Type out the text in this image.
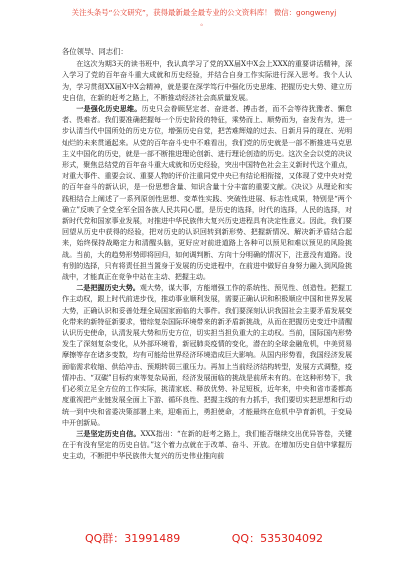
关注头条号“公文研究”，获得最新最全最专业的公文资料库！ 微信：gongwenyj
。
各位领导、同志们：

在这次为期3天的读书班中，我认真学习了党的XX届X中X会上XXX的重要讲话精神，深入学习了党的百年奋斗重大成就和历史经验，并结合自身工作实际进行深入思考。我个人认为，学习贯彻XX届X中X会精神，就是要在深学笃行中强化历史思维、把握历史大势、建立历史自信，在新的赶考之路上，不断推动经济社会高质量发展。

一是强化历史思维。历史只会眷顾坚定者、奋进者、搏击者，而不会等待犹豫者、懈怠者、畏难者。我们要准确把握每一个历史阶段的特征，乘势而上、顺势而为，奋发有为，进一步认清当代中国所处的历史方位，增强历史自觉，把苦难辉煌的过去、日新月异的现在、光明灿烂的未来贯通起来。从党的百年奋斗史中不难看出，我们党的历史就是一部不断推进马克思主义中国化的历史，就是一部不断推进理论创新、进行理论创造的历史。这次全会以党的决议形式，聚焦总结党的百年奋斗重大成就和历史经验，突出中国特色社会主义新时代这个重点，对重大事件、重要会议、重要人物的评价注重同党中央已有结论相衔接，又体现了党中央对党的百年奋斗的新认识，是一份思想含量、知识含量十分丰富的重要文献。《决议》从理论和实践相结合上阐述了一系列原创性思想、变革性实践、突破性进展、标志性成果，特别是“两个确立”反映了全党全军全国各族人民共同心愿，是历史的选择，时代的选择，人民的选择，对新时代党和国家事业发展，对推进中华民族伟大复兴历史进程具有决定性意义。因此，我们要回望从历史中获得的经验，把对历史的认识回转到新形势、把握新情况、解决新矛盾结合起来，始终保持战略定力和清醒头脑，更好应对前进道路上各种可以预见和难以预见的风险挑战。当前，大的趋势形势即将回归，如何调判断、方向十分明确的情况下，注意没有道路。没有别的选择，只有将责任担当置身于发展的历史进程中，在前进中做好自身努力融入到风险挑战中，才能真正在竞争中站在主动、把握主动。

二是把握历史大势。观大势，谋大事，方能增强工作的系统性、预见性、创造性。把握工作主动权，跟上时代前进步伐，推动事业顺利发展，需要正确认识和积极顺应中国和世界发展大势，正确认识和妥善处理全局国家面临的大事件。我们要深刻认识我国社会主要矛盾发展变化带来的新特征新要求，错综复杂国际环境带来的新矛盾新挑战，从而在把握历史变迁中清醒认识历史使命，认清发展大势和历史方位，切实担当担负重大的主动权。当前，国际国内形势发生了深刻复杂变化，从外部环境看，新冠肺炎疫情的变化，潜在的全球金融危机，中美贸易摩擦等存在诸多变数，均有可能给世界经济环境造成巨大影响。从国内形势看，我国经济发展面临需求收缩、供给冲击、预期转弱三重压力。再加上当前经济结构转型，发展方式调整，疫情冲击、“双碳”目标约束等复杂局面，经济发展面临的挑战是前所未有的。在这种形势下，我们必须立足全方位的工作实际，挑清家底、释放优势、补足短板，近年来，中央和省市委都高度重视把产业链发展全面上下游、循环良性、把握主线的有力抓手，我们要切实把思想和行动统一到中央和省委决策部署上来，迎难而上，勇担使命，才能最终在危机中孕育新机，于变局中开创新局。

三是坚定历史自信。XXX指出：“在新的赶考之路上，我们能否继续交出优异答卷，关键在于有没有坚定的历史自信。”这个着力点就在于改革、奋斗、开放。在增加历史自信中掌握历史主动，不断把中华民族伟大复兴的历史伟业推向前

QQ群：31991489	QQ：535304092
